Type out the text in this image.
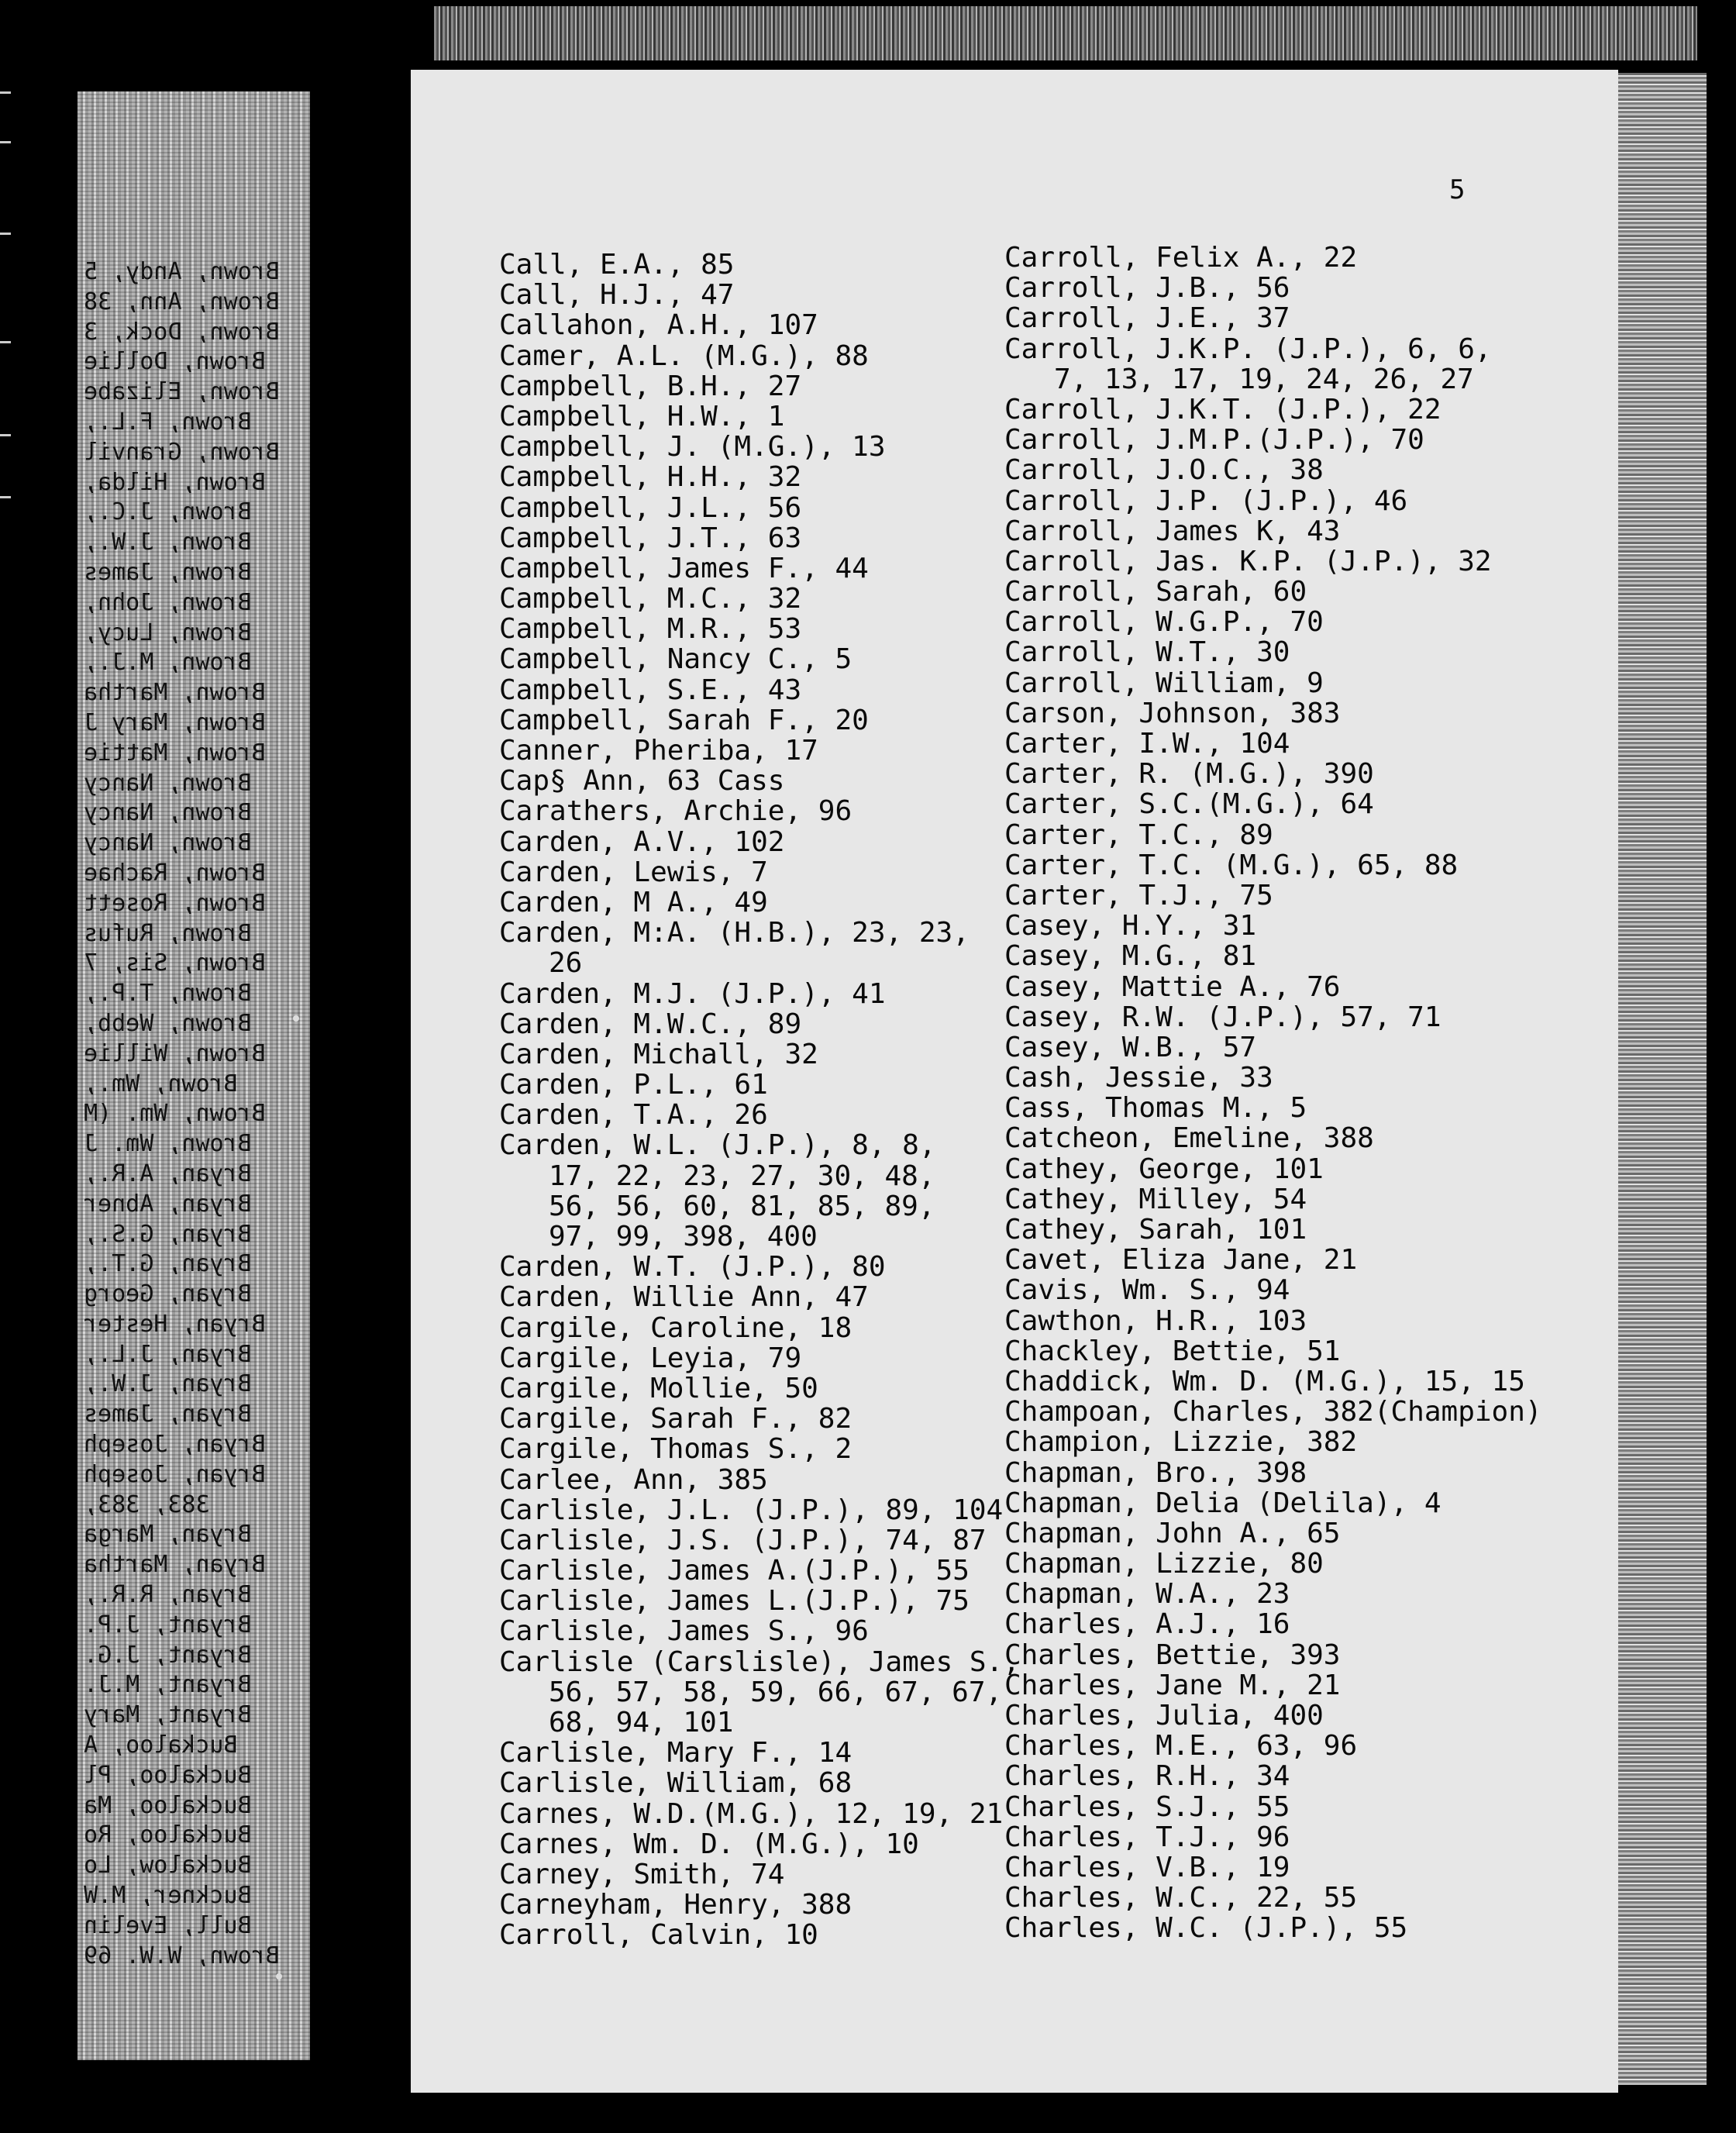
Brown, Andy, 5
Brown, Ann, 38
Brown, Dock, 3
Brown, Dollie
Brown, Elizabe
Brown, F.L.,
Brown, Granvil
Brown, Hilda,
Brown, J.C.,
Brown, J.W.,
Brown, James
Brown, John,
Brown, Lucy,
Brown, M.J.,
Brown, Martha
Brown, Mary J
Brown, Mattie
Brown, Nancy
Brown, Nancy
Brown, Nancy
Brown, Rachae
Brown, Rosett
Brown, Rufus
Brown, Sis, 7
Brown, T.P.,
Brown, Webb,
Brown, Willie
Brown, Wm.,
Brown, Wm. (M
Brown, Wm. J
Bryan, A.R.,
Bryan, Abner
Bryan, G.S.,
Bryan, G.T.,
Bryan, Georg
Bryan, Hester
Bryan, J.L.,
Bryan, J.W.,
Bryan, James
Bryan, Joseph
Bryan, Joseph
383, 383,
Bryan, Marga
Bryan, Martha
Bryan, R.R.,
Bryant, J.P.
Bryant, J.G.
Bryant, M.J.
Bryant, Mary
Buckaloo, A
Buckaloo, Pl
Buckaloo, Ma
Buckaloo, Ro
Buckalow, Lo
Buckner, M.W
Bull, Evelin
Brown, W.W. 69
5
Call, E.A., 85
Call, H.J., 47
Callahon, A.H., 107
Camer, A.L. (M.G.), 88
Campbell, B.H., 27
Campbell, H.W., 1
Campbell, J. (M.G.), 13
Campbell, H.H., 32
Campbell, J.L., 56
Campbell, J.T., 63
Campbell, James F., 44
Campbell, M.C., 32
Campbell, M.R., 53
Campbell, Nancy C., 5
Campbell, S.E., 43
Campbell, Sarah F., 20
Canner, Pheriba, 17
Cap§ Ann, 63 Cass
Carathers, Archie, 96
Carden, A.V., 102
Carden, Lewis, 7
Carden, M A., 49
Carden, M:A. (H.B.), 23, 23,
26
Carden, M.J. (J.P.), 41
Carden, M.W.C., 89
Carden, Michall, 32
Carden, P.L., 61
Carden, T.A., 26
Carden, W.L. (J.P.), 8, 8,
17, 22, 23, 27, 30, 48,
56, 56, 60, 81, 85, 89,
97, 99, 398, 400
Carden, W.T. (J.P.), 80
Carden, Willie Ann, 47
Cargile, Caroline, 18
Cargile, Leyia, 79
Cargile, Mollie, 50
Cargile, Sarah F., 82
Cargile, Thomas S., 2
Carlee, Ann, 385
Carlisle, J.L. (J.P.), 89, 104
Carlisle, J.S. (J.P.), 74, 87
Carlisle, James A.(J.P.), 55
Carlisle, James L.(J.P.), 75
Carlisle, James S., 96
Carlisle (Carslisle), James S.,
56, 57, 58, 59, 66, 67, 67,
68, 94, 101
Carlisle, Mary F., 14
Carlisle, William, 68
Carnes, W.D.(M.G.), 12, 19, 21
Carnes, Wm. D. (M.G.), 10
Carney, Smith, 74
Carneyham, Henry, 388
Carroll, Calvin, 10
Carroll, Felix A., 22
Carroll, J.B., 56
Carroll, J.E., 37
Carroll, J.K.P. (J.P.), 6, 6,
7, 13, 17, 19, 24, 26, 27
Carroll, J.K.T. (J.P.), 22
Carroll, J.M.P.(J.P.), 70
Carroll, J.O.C., 38
Carroll, J.P. (J.P.), 46
Carroll, James K, 43
Carroll, Jas. K.P. (J.P.), 32
Carroll, Sarah, 60
Carroll, W.G.P., 70
Carroll, W.T., 30
Carroll, William, 9
Carson, Johnson, 383
Carter, I.W., 104
Carter, R. (M.G.), 390
Carter, S.C.(M.G.), 64
Carter, T.C., 89
Carter, T.C. (M.G.), 65, 88
Carter, T.J., 75
Casey, H.Y., 31
Casey, M.G., 81
Casey, Mattie A., 76
Casey, R.W. (J.P.), 57, 71
Casey, W.B., 57
Cash, Jessie, 33
Cass, Thomas M., 5
Catcheon, Emeline, 388
Cathey, George, 101
Cathey, Milley, 54
Cathey, Sarah, 101
Cavet, Eliza Jane, 21
Cavis, Wm. S., 94
Cawthon, H.R., 103
Chackley, Bettie, 51
Chaddick, Wm. D. (M.G.), 15, 15
Champoan, Charles, 382(Champion)
Champion, Lizzie, 382
Chapman, Bro., 398
Chapman, Delia (Delila), 4
Chapman, John A., 65
Chapman, Lizzie, 80
Chapman, W.A., 23
Charles, A.J., 16
Charles, Bettie, 393
Charles, Jane M., 21
Charles, Julia, 400
Charles, M.E., 63, 96
Charles, R.H., 34
Charles, S.J., 55
Charles, T.J., 96
Charles, V.B., 19
Charles, W.C., 22, 55
Charles, W.C. (J.P.), 55
